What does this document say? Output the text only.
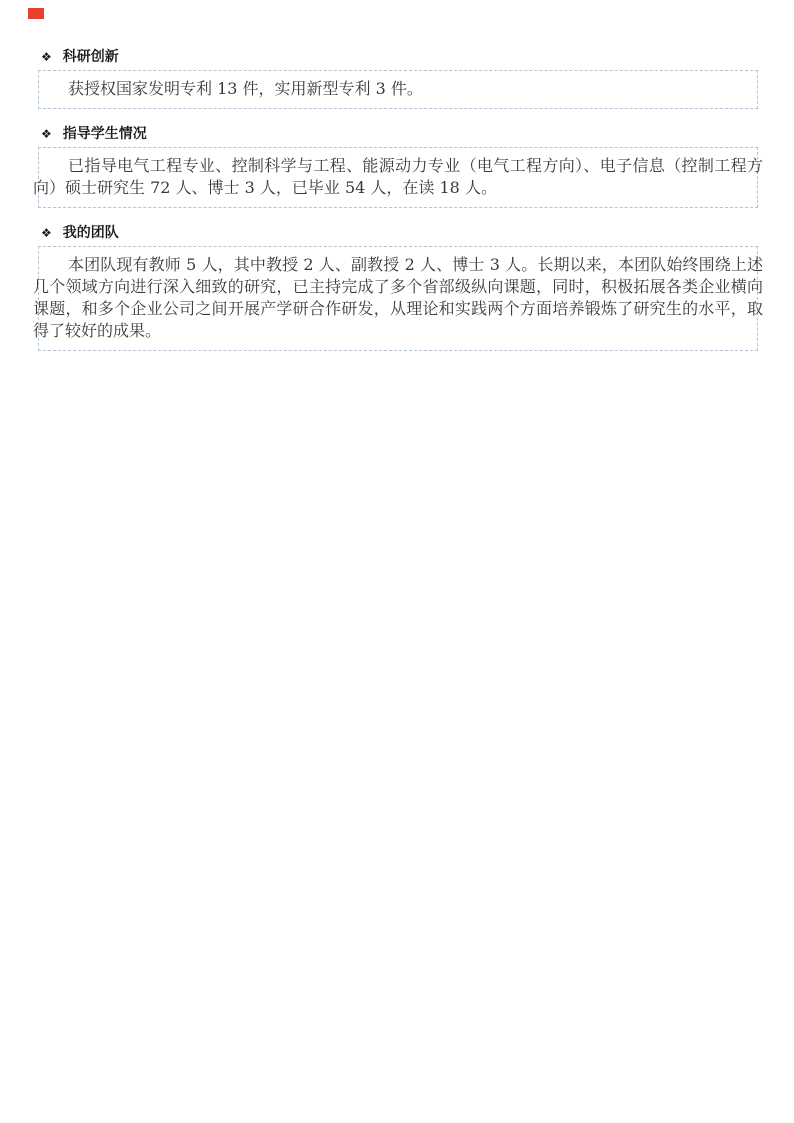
❖ 科研创新

获授权国家发明专利 13 件，实用新型专利 3 件。

❖ 指导学生情况

已指导电气工程专业、控制科学与工程、能源动力专业（电气工程方向）、电子信息（控制工程方向）硕士研究生 72 人、博士 3 人，已毕业 54 人，在读 18 人。

❖ 我的团队

本团队现有教师 5 人，其中教授 2 人、副教授 2 人、博士 3 人。长期以来，本团队始终围绕上述几个领域方向进行深入细致的研究，已主持完成了多个省部级纵向课题，同时，积极拓展各类企业横向课题，和多个企业公司之间开展产学研合作研发，从理论和实践两个方面培养锻炼了研究生的水平，取得了较好的成果。
